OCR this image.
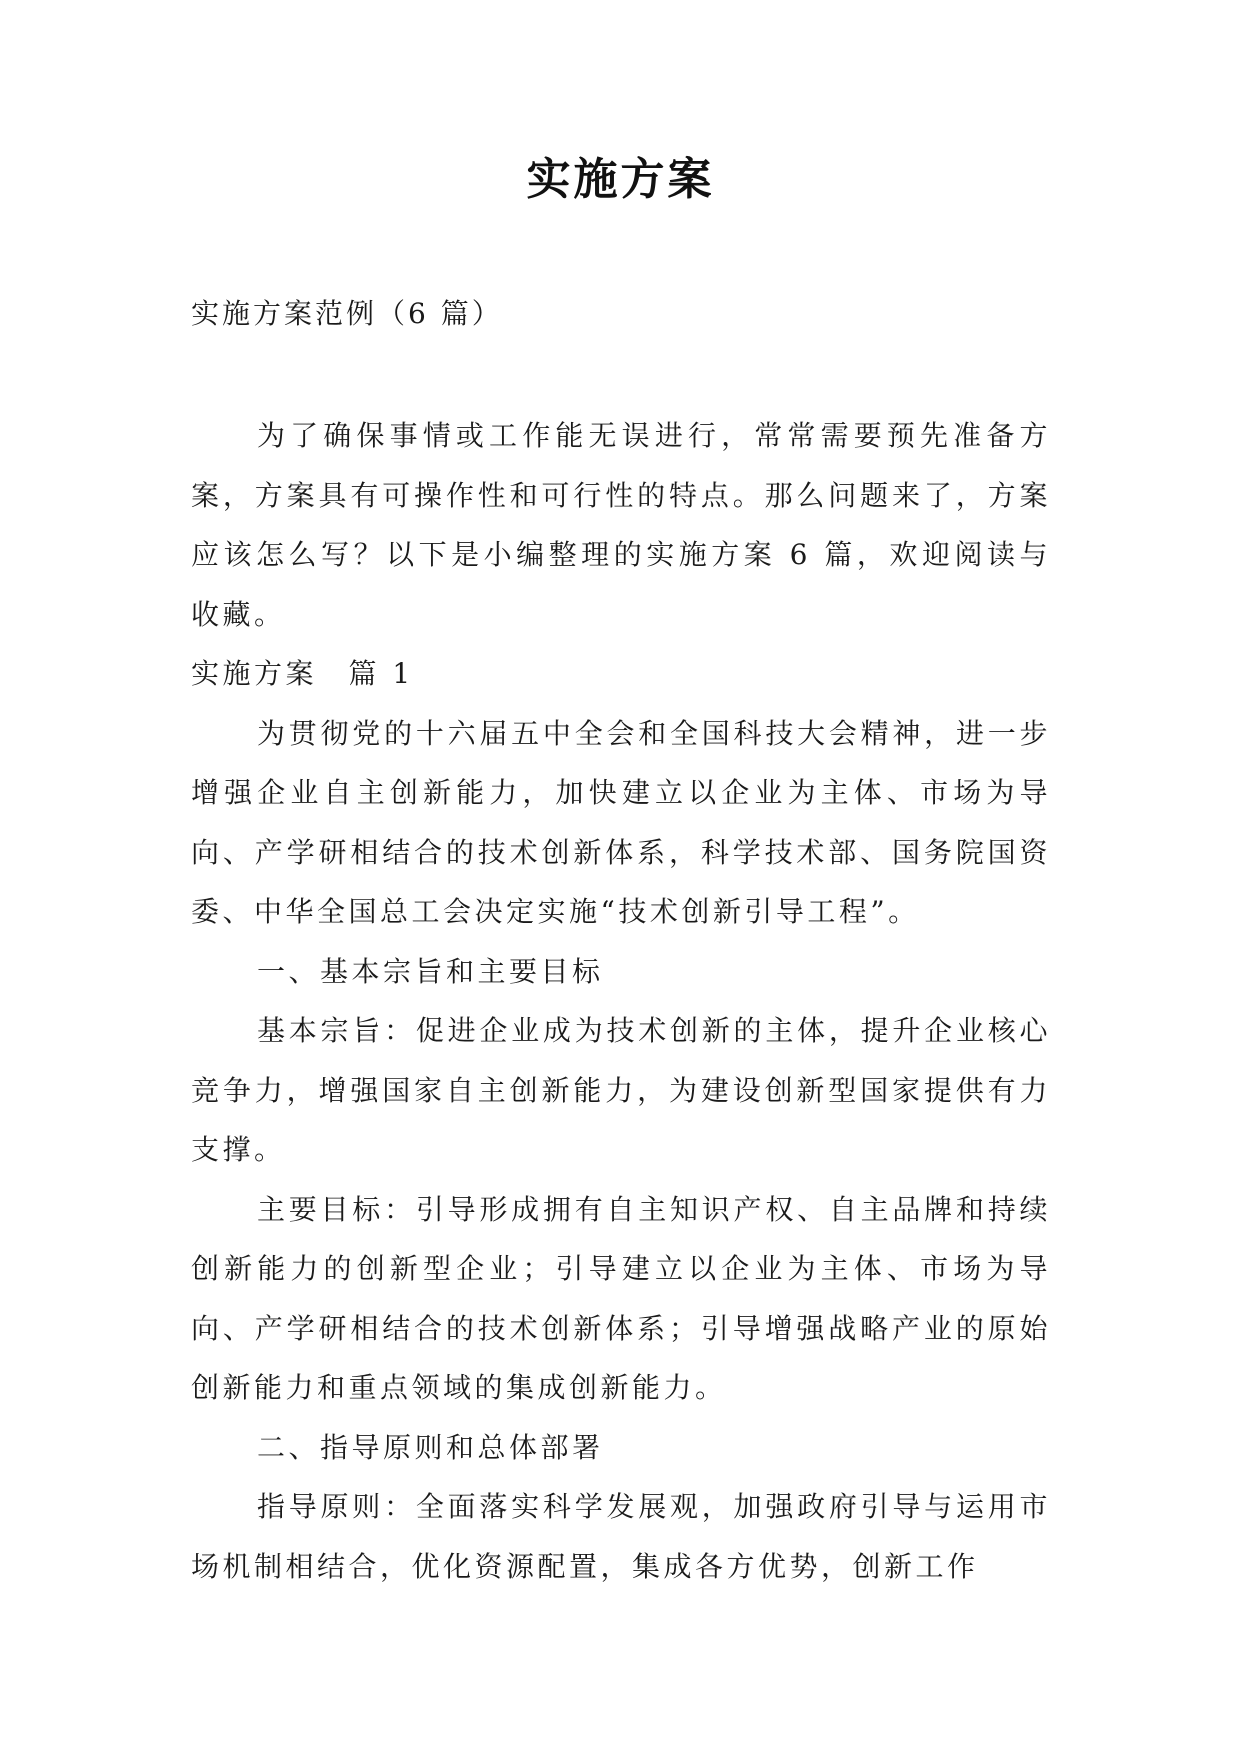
实施方案
实施方案范例（6 篇）

为了确保事情或工作能无误进行，常常需要预先准备方案，方案具有可操作性和可行性的特点。那么问题来了，方案应该怎么写？以下是小编整理的实施方案 6 篇，欢迎阅读与收藏。

实施方案　篇 1

为贯彻党的十六届五中全会和全国科技大会精神，进一步增强企业自主创新能力，加快建立以企业为主体、市场为导向、产学研相结合的技术创新体系，科学技术部、国务院国资委、中华全国总工会决定实施“技术创新引导工程”。

一、基本宗旨和主要目标

基本宗旨：促进企业成为技术创新的主体，提升企业核心竞争力，增强国家自主创新能力，为建设创新型国家提供有力支撑。

主要目标：引导形成拥有自主知识产权、自主品牌和持续创新能力的创新型企业；引导建立以企业为主体、市场为导向、产学研相结合的技术创新体系；引导增强战略产业的原始创新能力和重点领域的集成创新能力。

二、指导原则和总体部署

指导原则：全面落实科学发展观，加强政府引导与运用市场机制相结合，优化资源配置，集成各方优势，创新工作
